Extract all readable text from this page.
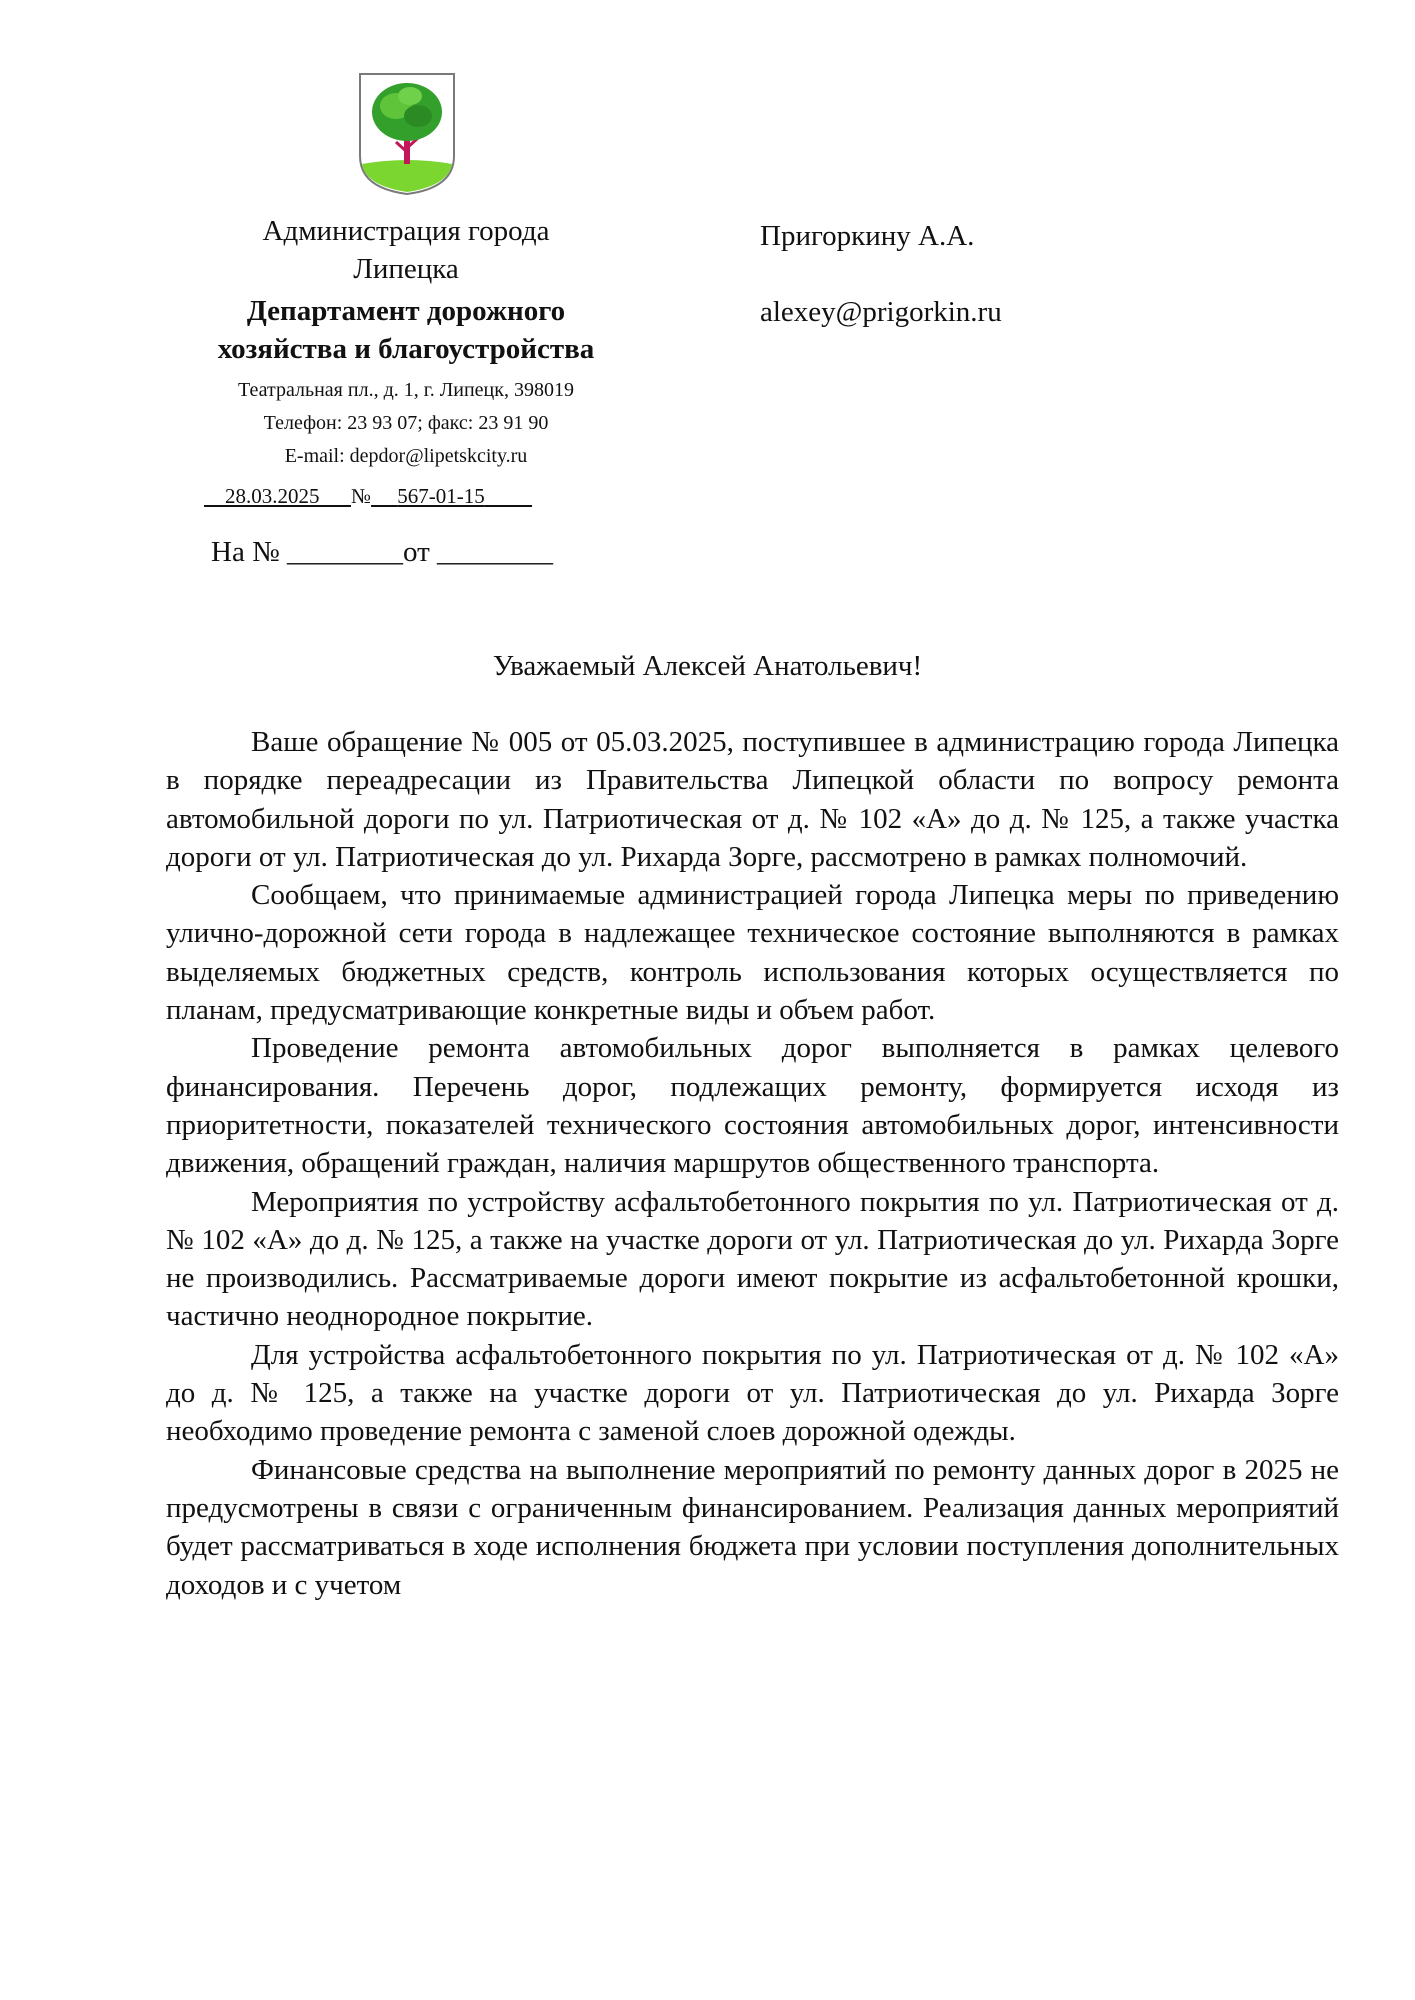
Администрация города
Липецка
Департамент дорожного
хозяйства и благоустройства
Театральная пл., д. 1, г. Липецк, 398019
Телефон: 23 93 07; факс: 23 91 90
E-mail: depdor@lipetskcity.ru
28.03.2025 № 567-01-15
На № ________от ________
Пригоркину А.А.
alexey@prigorkin.ru
Уважаемый Алексей Анатольевич!

Ваше обращение № 005 от 05.03.2025, поступившее в администрацию города Липецка в порядке переадресации из Правительства Липецкой области по вопросу ремонта автомобильной дороги по ул. Патриотическая от д. № 102 «А» до д. № 125, а также участка дороги от ул. Патриотическая до ул. Рихарда Зорге, рассмотрено в рамках полномочий.

Сообщаем, что принимаемые администрацией города Липецка меры по приведению улично-дорожной сети города в надлежащее техническое состояние выполняются в рамках выделяемых бюджетных средств, контроль использования которых осуществляется по планам, предусматривающие конкретные виды и объем работ.

Проведение ремонта автомобильных дорог выполняется в рамках целевого финансирования. Перечень дорог, подлежащих ремонту, формируется исходя из приоритетности, показателей технического состояния автомобильных дорог, интенсивности движения, обращений граждан, наличия маршрутов общественного транспорта.

Мероприятия по устройству асфальтобетонного покрытия по ул. Патриотическая от д. № 102 «А» до д. № 125, а также на участке дороги от ул. Патриотическая до ул. Рихарда Зорге не производились. Рассматриваемые дороги имеют покрытие из асфальтобетонной крошки, частично неоднородное покрытие.

Для устройства асфальтобетонного покрытия по ул. Патриотическая от д. № 102 «А» до д. № 125, а также на участке дороги от ул. Патриотическая до ул. Рихарда Зорге необходимо проведение ремонта с заменой слоев дорожной одежды.

Финансовые средства на выполнение мероприятий по ремонту данных дорог в 2025 не предусмотрены в связи с ограниченным финансированием. Реализация данных мероприятий будет рассматриваться в ходе исполнения бюджета при условии поступления дополнительных доходов и с учетом
